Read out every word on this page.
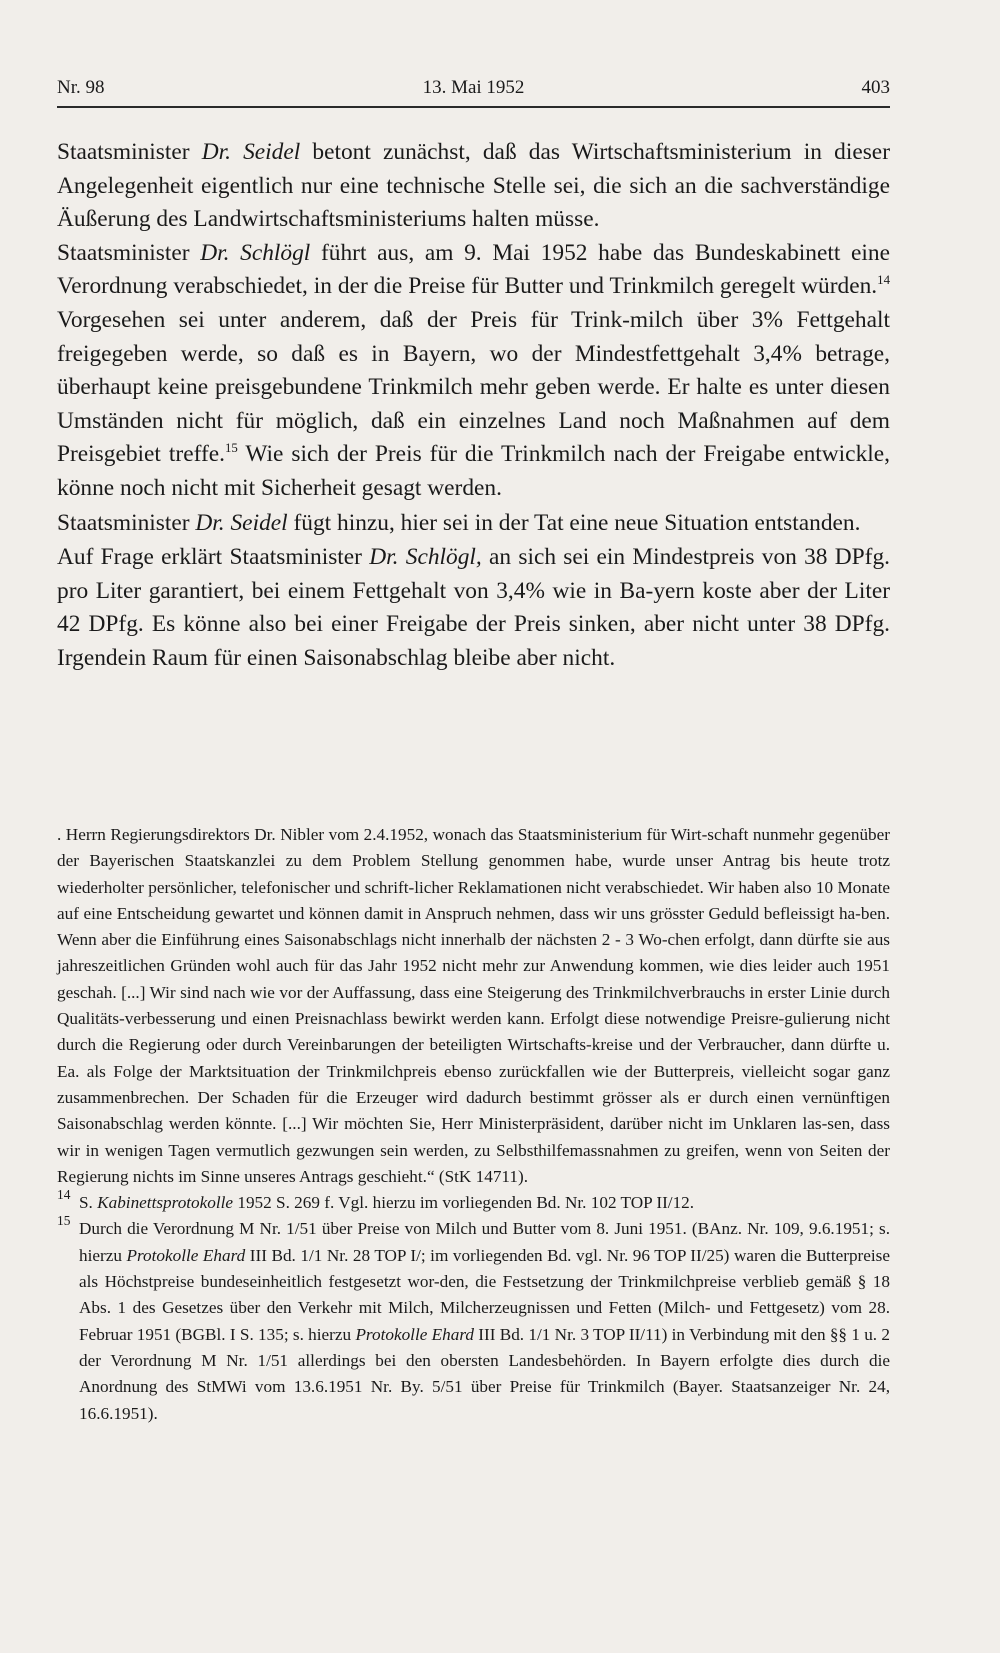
Nr. 98	13. Mai 1952	403

Staatsminister Dr. Seidel betont zunächst, daß das Wirtschaftsministerium in dieser Angelegenheit eigentlich nur eine technische Stelle sei, die sich an die sachverständige Äußerung des Landwirtschaftsministeriums halten müsse.
Staatsminister Dr. Schlögl führt aus, am 9. Mai 1952 habe das Bundeskabinett eine Verordnung verabschiedet, in der die Preise für Butter und Trinkmilch geregelt würden.$^{14}$ Vorgesehen sei unter anderem, daß der Preis für Trink-milch über 3% Fettgehalt freigegeben werde, so daß es in Bayern, wo der Mindestfettgehalt 3,4% betrage, überhaupt keine preisgebundene Trinkmilch mehr geben werde. Er halte es unter diesen Umständen nicht für möglich, daß ein einzelnes Land noch Maßnahmen auf dem Preisgebiet treffe.$^{15}$ Wie sich der Preis für die Trinkmilch nach der Freigabe entwickle, könne noch nicht mit Sicherheit gesagt werden.

Staatsminister Dr. Seidel fügt hinzu, hier sei in der Tat eine neue Situation entstanden.

Auf Frage erklärt Staatsminister Dr. Schlögl, an sich sei ein Mindestpreis von 38 DPfg. pro Liter garantiert, bei einem Fettgehalt von 3,4% wie in Ba-yern koste aber der Liter 42 DPfg. Es könne also bei einer Freigabe der Preis sinken, aber nicht unter 38 DPfg. Irgendein Raum für einen Saisonabschlag bleibe aber nicht.

. Herrn Regierungsdirektors Dr. Nibler vom 2.4.1952, wonach das Staatsministerium für Wirt-schaft nunmehr gegenüber der Bayerischen Staatskanzlei zu dem Problem Stellung genommen habe, wurde unser Antrag bis heute trotz wiederholter persönlicher, telefonischer und schrift-licher Reklamationen nicht verabschiedet. Wir haben also 10 Monate auf eine Entscheidung gewartet und können damit in Anspruch nehmen, dass wir uns grösster Geduld befleissigt ha-ben. Wenn aber die Einführung eines Saisonabschlags nicht innerhalb der nächsten 2 - 3 Wo-chen erfolgt, dann dürfte sie aus jahreszeitlichen Gründen wohl auch für das Jahr 1952 nicht mehr zur Anwendung kommen, wie dies leider auch 1951 geschah. [...] Wir sind nach wie vor der Auffassung, dass eine Steigerung des Trinkmilchverbrauchs in erster Linie durch Qualitäts-verbesserung und einen Preisnachlass bewirkt werden kann. Erfolgt diese notwendige Preisre-gulierung nicht durch die Regierung oder durch Vereinbarungen der beteiligten Wirtschafts-kreise und der Verbraucher, dann dürfte u. Ea. als Folge der Marktsituation der Trinkmilchpreis ebenso zurückfallen wie der Butterpreis, vielleicht sogar ganz zusammenbrechen. Der Schaden für die Erzeuger wird dadurch bestimmt grösser als er durch einen vernünftigen Saisonabschlag werden könnte. [...] Wir möchten Sie, Herr Ministerpräsident, darüber nicht im Unklaren las-sen, dass wir in wenigen Tagen vermutlich gezwungen sein werden, zu Selbsthilfemassnahmen zu greifen, wenn von Seiten der Regierung nichts im Sinne unseres Antrags geschieht.“ (StK 14711).

14 S. Kabinettsprotokolle 1952 S. 269 f. Vgl. hierzu im vorliegenden Bd. Nr. 102 TOP II/12.

15 Durch die Verordnung M Nr. 1/51 über Preise von Milch und Butter vom 8. Juni 1951. (BAnz. Nr. 109, 9.6.1951; s. hierzu Protokolle Ehard III Bd. 1/1 Nr. 28 TOP I/; im vorliegenden Bd. vgl. Nr. 96 TOP II/25) waren die Butterpreise als Höchstpreise bundeseinheitlich festgesetzt wor-den, die Festsetzung der Trinkmilchpreise verblieb gemäß § 18 Abs. 1 des Gesetzes über den Verkehr mit Milch, Milcherzeugnissen und Fetten (Milch- und Fettgesetz) vom 28. Februar 1951 (BGBl. I S. 135; s. hierzu Protokolle Ehard III Bd. 1/1 Nr. 3 TOP II/11) in Verbindung mit den §§ 1 u. 2 der Verordnung M Nr. 1/51 allerdings bei den obersten Landesbehörden. In Bayern erfolgte dies durch die Anordnung des StMWi vom 13.6.1951 Nr. By. 5/51 über Preise für Trinkmilch (Bayer. Staatsanzeiger Nr. 24, 16.6.1951).
